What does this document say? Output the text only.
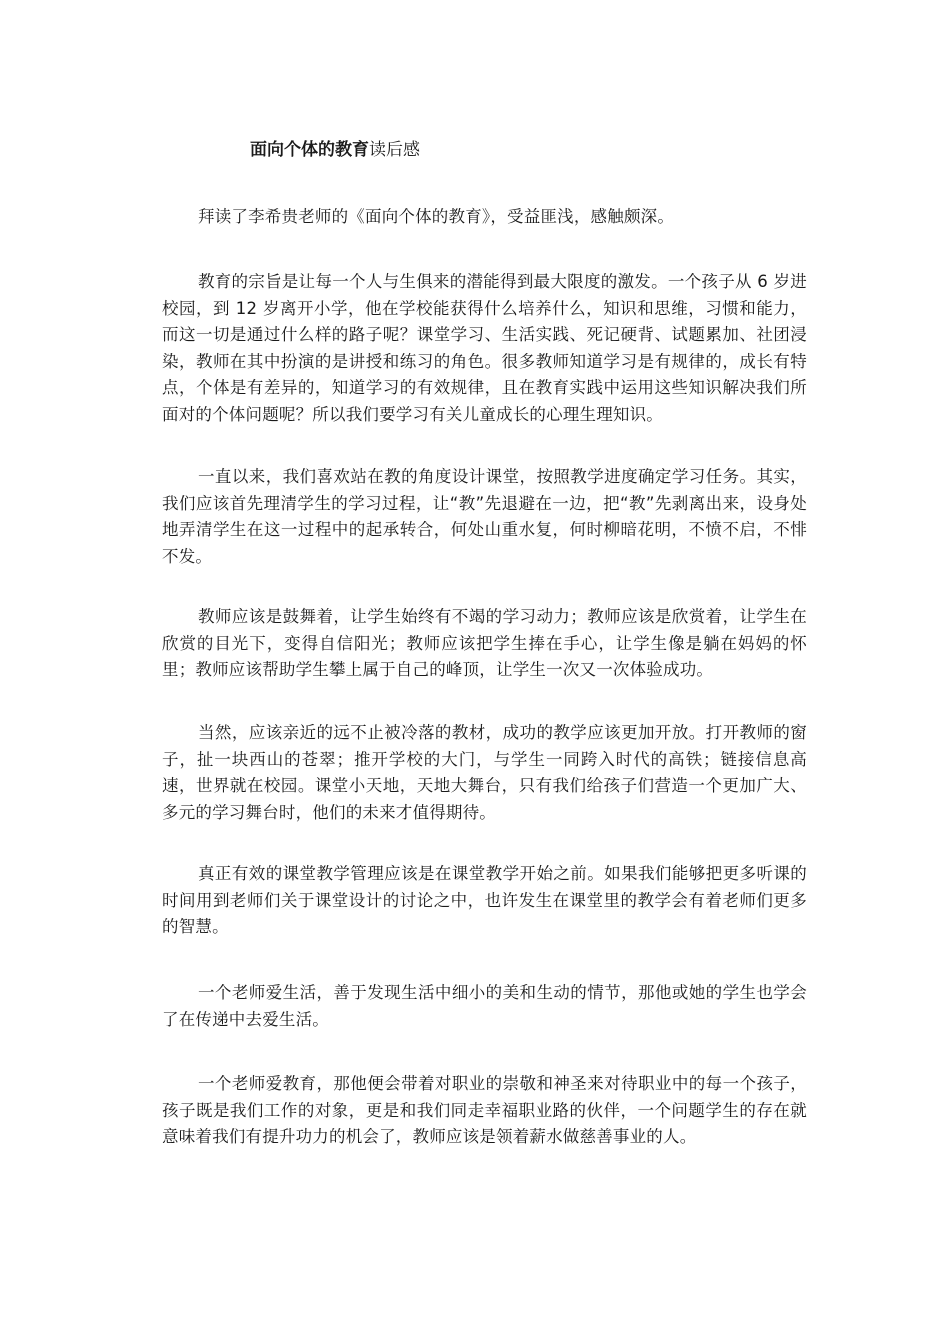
面向个体的教育读后感

拜读了李希贵老师的《面向个体的教育》，受益匪浅，感触颇深。

教育的宗旨是让每一个人与生俱来的潜能得到最大限度的激发。一个孩子从 6 岁进校园，到 12 岁离开小学，他在学校能获得什么培养什么，知识和思维，习惯和能力，而这一切是通过什么样的路子呢？课堂学习、生活实践、死记硬背、试题累加、社团浸染，教师在其中扮演的是讲授和练习的角色。很多教师知道学习是有规律的，成长有特点，个体是有差异的，知道学习的有效规律，且在教育实践中运用这些知识解决我们所面对的个体问题呢？所以我们要学习有关儿童成长的心理生理知识。

一直以来，我们喜欢站在教的角度设计课堂，按照教学进度确定学习任务。其实，我们应该首先理清学生的学习过程，让“教”先退避在一边，把“教”先剥离出来，设身处地弄清学生在这一过程中的起承转合，何处山重水复，何时柳暗花明，不愤不启，不悱不发。

教师应该是鼓舞着，让学生始终有不竭的学习动力；教师应该是欣赏着，让学生在欣赏的目光下，变得自信阳光；教师应该把学生捧在手心，让学生像是躺在妈妈的怀里；教师应该帮助学生攀上属于自己的峰顶，让学生一次又一次体验成功。

当然，应该亲近的远不止被冷落的教材，成功的教学应该更加开放。打开教师的窗子，扯一块西山的苍翠；推开学校的大门，与学生一同跨入时代的高铁；链接信息高速，世界就在校园。课堂小天地，天地大舞台，只有我们给孩子们营造一个更加广大、多元的学习舞台时，他们的未来才值得期待。

真正有效的课堂教学管理应该是在课堂教学开始之前。如果我们能够把更多听课的时间用到老师们关于课堂设计的讨论之中，也许发生在课堂里的教学会有着老师们更多的智慧。

一个老师爱生活，善于发现生活中细小的美和生动的情节，那他或她的学生也学会了在传递中去爱生活。

一个老师爱教育，那他便会带着对职业的崇敬和神圣来对待职业中的每一个孩子，孩子既是我们工作的对象，更是和我们同走幸福职业路的伙伴，一个问题学生的存在就意味着我们有提升功力的机会了，教师应该是领着薪水做慈善事业的人。
